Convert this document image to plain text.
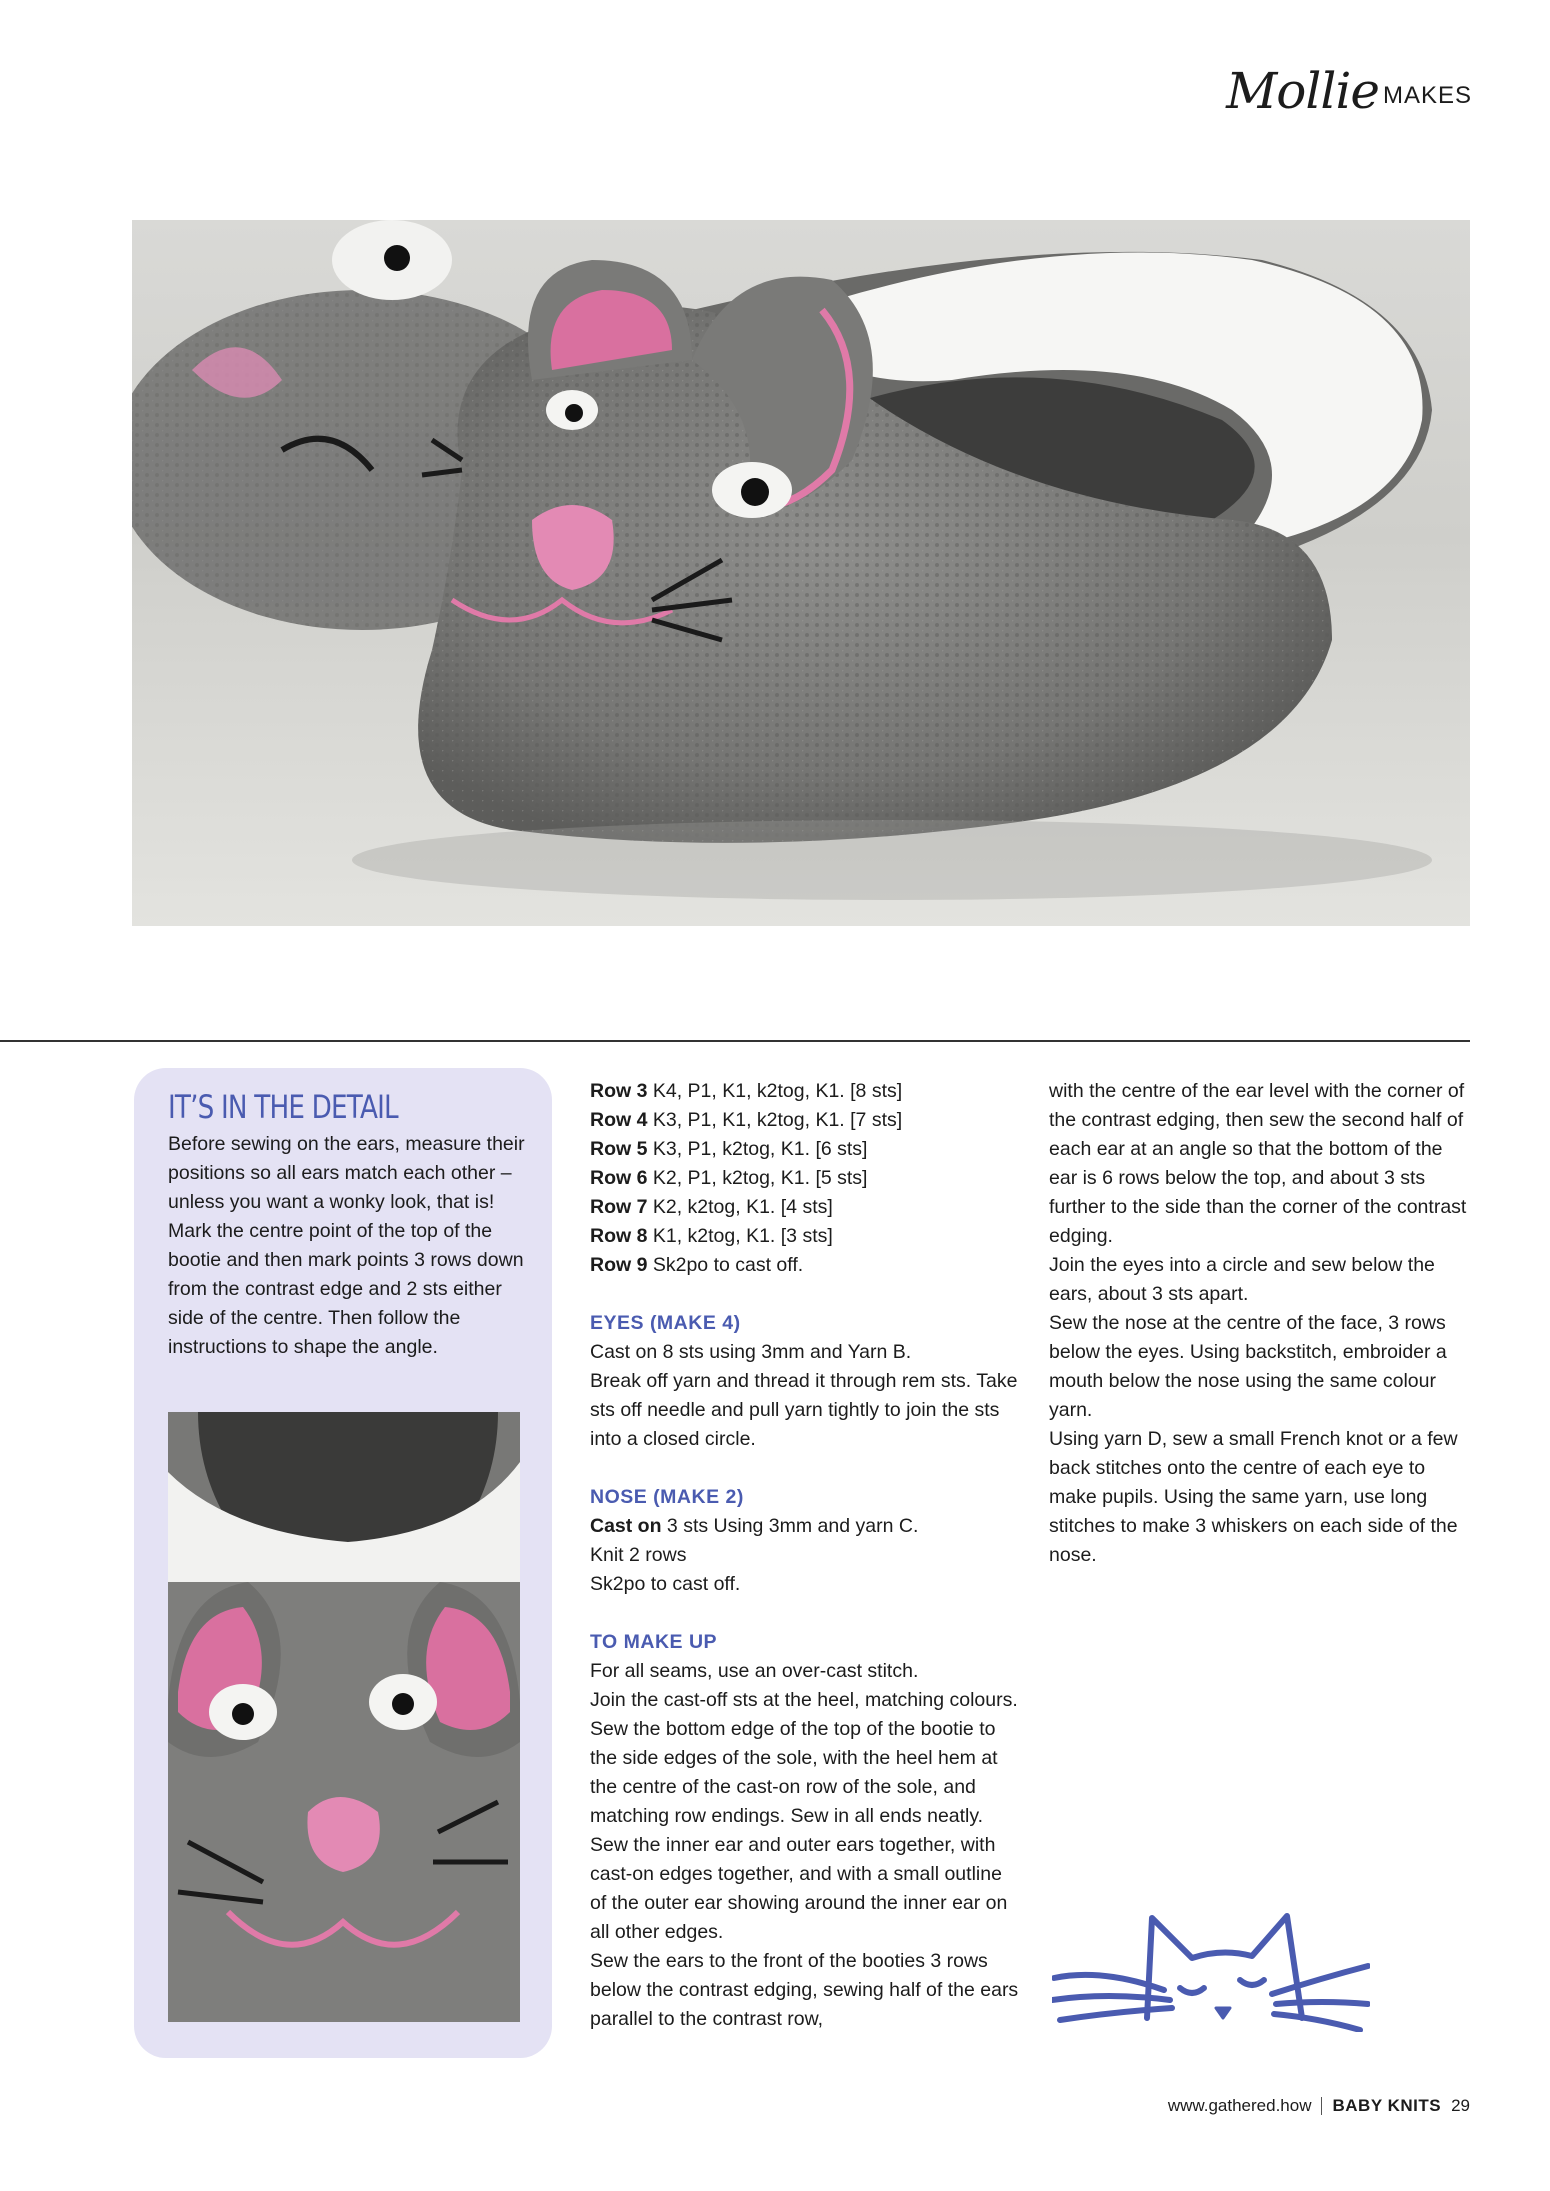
Mollie MAKES
IT’S IN THE DETAIL

Before sewing on the ears, measure their positions so all ears match each other – unless you want a wonky look, that is! Mark the centre point of the top of the bootie and then mark points 3 rows down from the contrast edge and 2 sts either side of the centre. Then follow the instructions to shape the angle.

Row 3 K4, P1, K1, k2tog, K1. [8 sts]

Row 4 K3, P1, K1, k2tog, K1. [7 sts]

Row 5 K3, P1, k2tog, K1. [6 sts]

Row 6 K2, P1, k2tog, K1. [5 sts]

Row 7 K2, k2tog, K1. [4 sts]

Row 8 K1, k2tog, K1. [3 sts]

Row 9 Sk2po to cast off.

EYES (MAKE 4)

Cast on 8 sts using 3mm and Yarn B.

Break off yarn and thread it through rem sts. Take sts off needle and pull yarn tightly to join the sts into a closed circle.

NOSE (MAKE 2)

Cast on 3 sts Using 3mm and yarn C.

Knit 2 rows

Sk2po to cast off.

TO MAKE UP

For all seams, use an over-cast stitch.

Join the cast-off sts at the heel, matching colours. Sew the bottom edge of the top of the bootie to the side edges of the sole, with the heel hem at the centre of the cast-on row of the sole, and matching row endings. Sew in all ends neatly.

Sew the inner ear and outer ears together, with cast-on edges together, and with a small outline of the outer ear showing around the inner ear on all other edges.

Sew the ears to the front of the booties 3 rows below the contrast edging, sewing half of the ears parallel to the contrast row,

with the centre of the ear level with the corner of the contrast edging, then sew the second half of each ear at an angle so that the bottom of the ear is 6 rows below the top, and about 3 sts further to the side than the corner of the contrast edging.

Join the eyes into a circle and sew below the ears, about 3 sts apart.

Sew the nose at the centre of the face, 3 rows below the eyes. Using backstitch, embroider a mouth below the nose using the same colour yarn.

Using yarn D, sew a small French knot or a few back stitches onto the centre of each eye to make pupils. Using the same yarn, use long stitches to make 3 whiskers on each side of the nose.

www.gathered.how BABY KNITS 29
